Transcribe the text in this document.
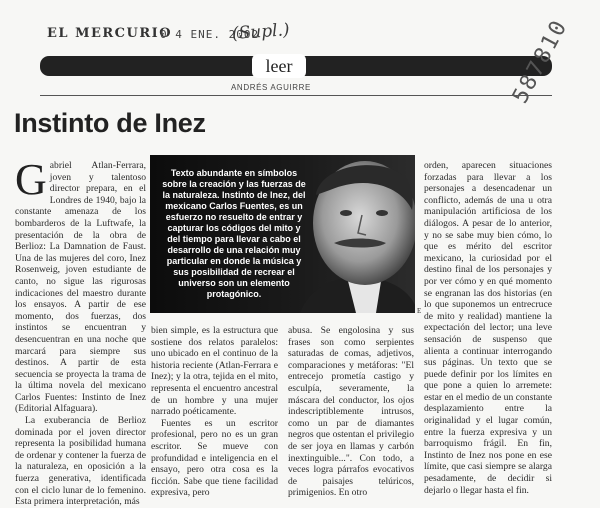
EL MERCURIO
0 4 ENE. 2002
(Supl.)
leer
ANDRÉS AGUIRRE
Instinto de Inez
587810

Gabriel Atlan-Ferrara, joven y talentoso director prepara, en el Londres de 1940, bajo la constante amenaza de los bombarderos de la Luftwafe, la presentación de la obra de Berlioz: La Damnation de Faust. Una de las mujeres del coro, Inez Rosenweig, joven estudiante de canto, no sigue las rigurosas indicaciones del maestro durante los ensayos. A partir de ese momento, dos fuerzas, dos instintos se encuentran y desencuentran en una noche que marcará para siempre sus destinos. A partir de esta secuencia se proyecta la trama de la última novela del mexicano Carlos Fuentes: Instinto de Inez (Editorial Alfaguara).

La exuberancia de Berlioz dominada por el joven director representa la posibilidad humana de ordenar y contener la fuerza de la naturaleza, en oposición a la fuerza generativa, identificada con el ciclo lunar de lo femenino. Esta primera interpretación, más

Texto abundante en símbolos sobre la creación y las fuerzas de la naturaleza. Instinto de Inez, del mexicano Carlos Fuentes, es un esfuerzo no resuelto de entrar y capturar los códigos del mito y del tiempo para llevar a cabo el desarrollo de una relación muy particular en donde la música y sus posibilidad de recrear el universo son un elemento protagónico.
E

bien simple, es la estructura que sostiene dos relatos paralelos: uno ubicado en el continuo de la historia reciente (Atlan-Ferrara e Inez); y la otra, tejida en el mito, representa el encuentro ancestral de un hombre y una mujer narrado poéticamente.

Fuentes es un escritor profesional, pero no es un gran escritor. Se mueve con profundidad e inteligencia en el ensayo, pero otra cosa es la ficción. Sabe que tiene facilidad expresiva, pero

abusa. Se engolosina y sus frases son como serpientes saturadas de comas, adjetivos, comparaciones y metáforas: "El entrecejo prometía castigo y esculpía, severamente, la máscara del conductor, los ojos indescriptiblemente intrusos, como un par de diamantes negros que ostentan el privilegio de ser joya en llamas y carbón inextinguible...". Con todo, a veces logra párrafos evocativos de paisajes telúricos, primigenios. En otro

orden, aparecen situaciones forzadas para llevar a los personajes a desencadenar un conflicto, además de una u otra manipulación artificiosa de los diálogos. A pesar de lo anterior, y no se sabe muy bien cómo, lo que es mérito del escritor mexicano, la curiosidad por el destino final de los personajes y por ver cómo y en qué momento se engranan las dos historias (en lo que suponemos un entrecruce de mito y realidad) mantiene la expectación del lector; una leve sensación de suspenso que alienta a continuar interrogando sus páginas. Un texto que se puede definir por los límites en que pone a quien lo arremete: estar en el medio de un constante desplazamiento entre la originalidad y el lugar común, entre la fuerza expresiva y un barroquismo frágil. En fin, Instinto de Inez nos pone en ese límite, que casi siempre se alarga pesadamente, de decidir si dejarlo o llegar hasta el fin.
